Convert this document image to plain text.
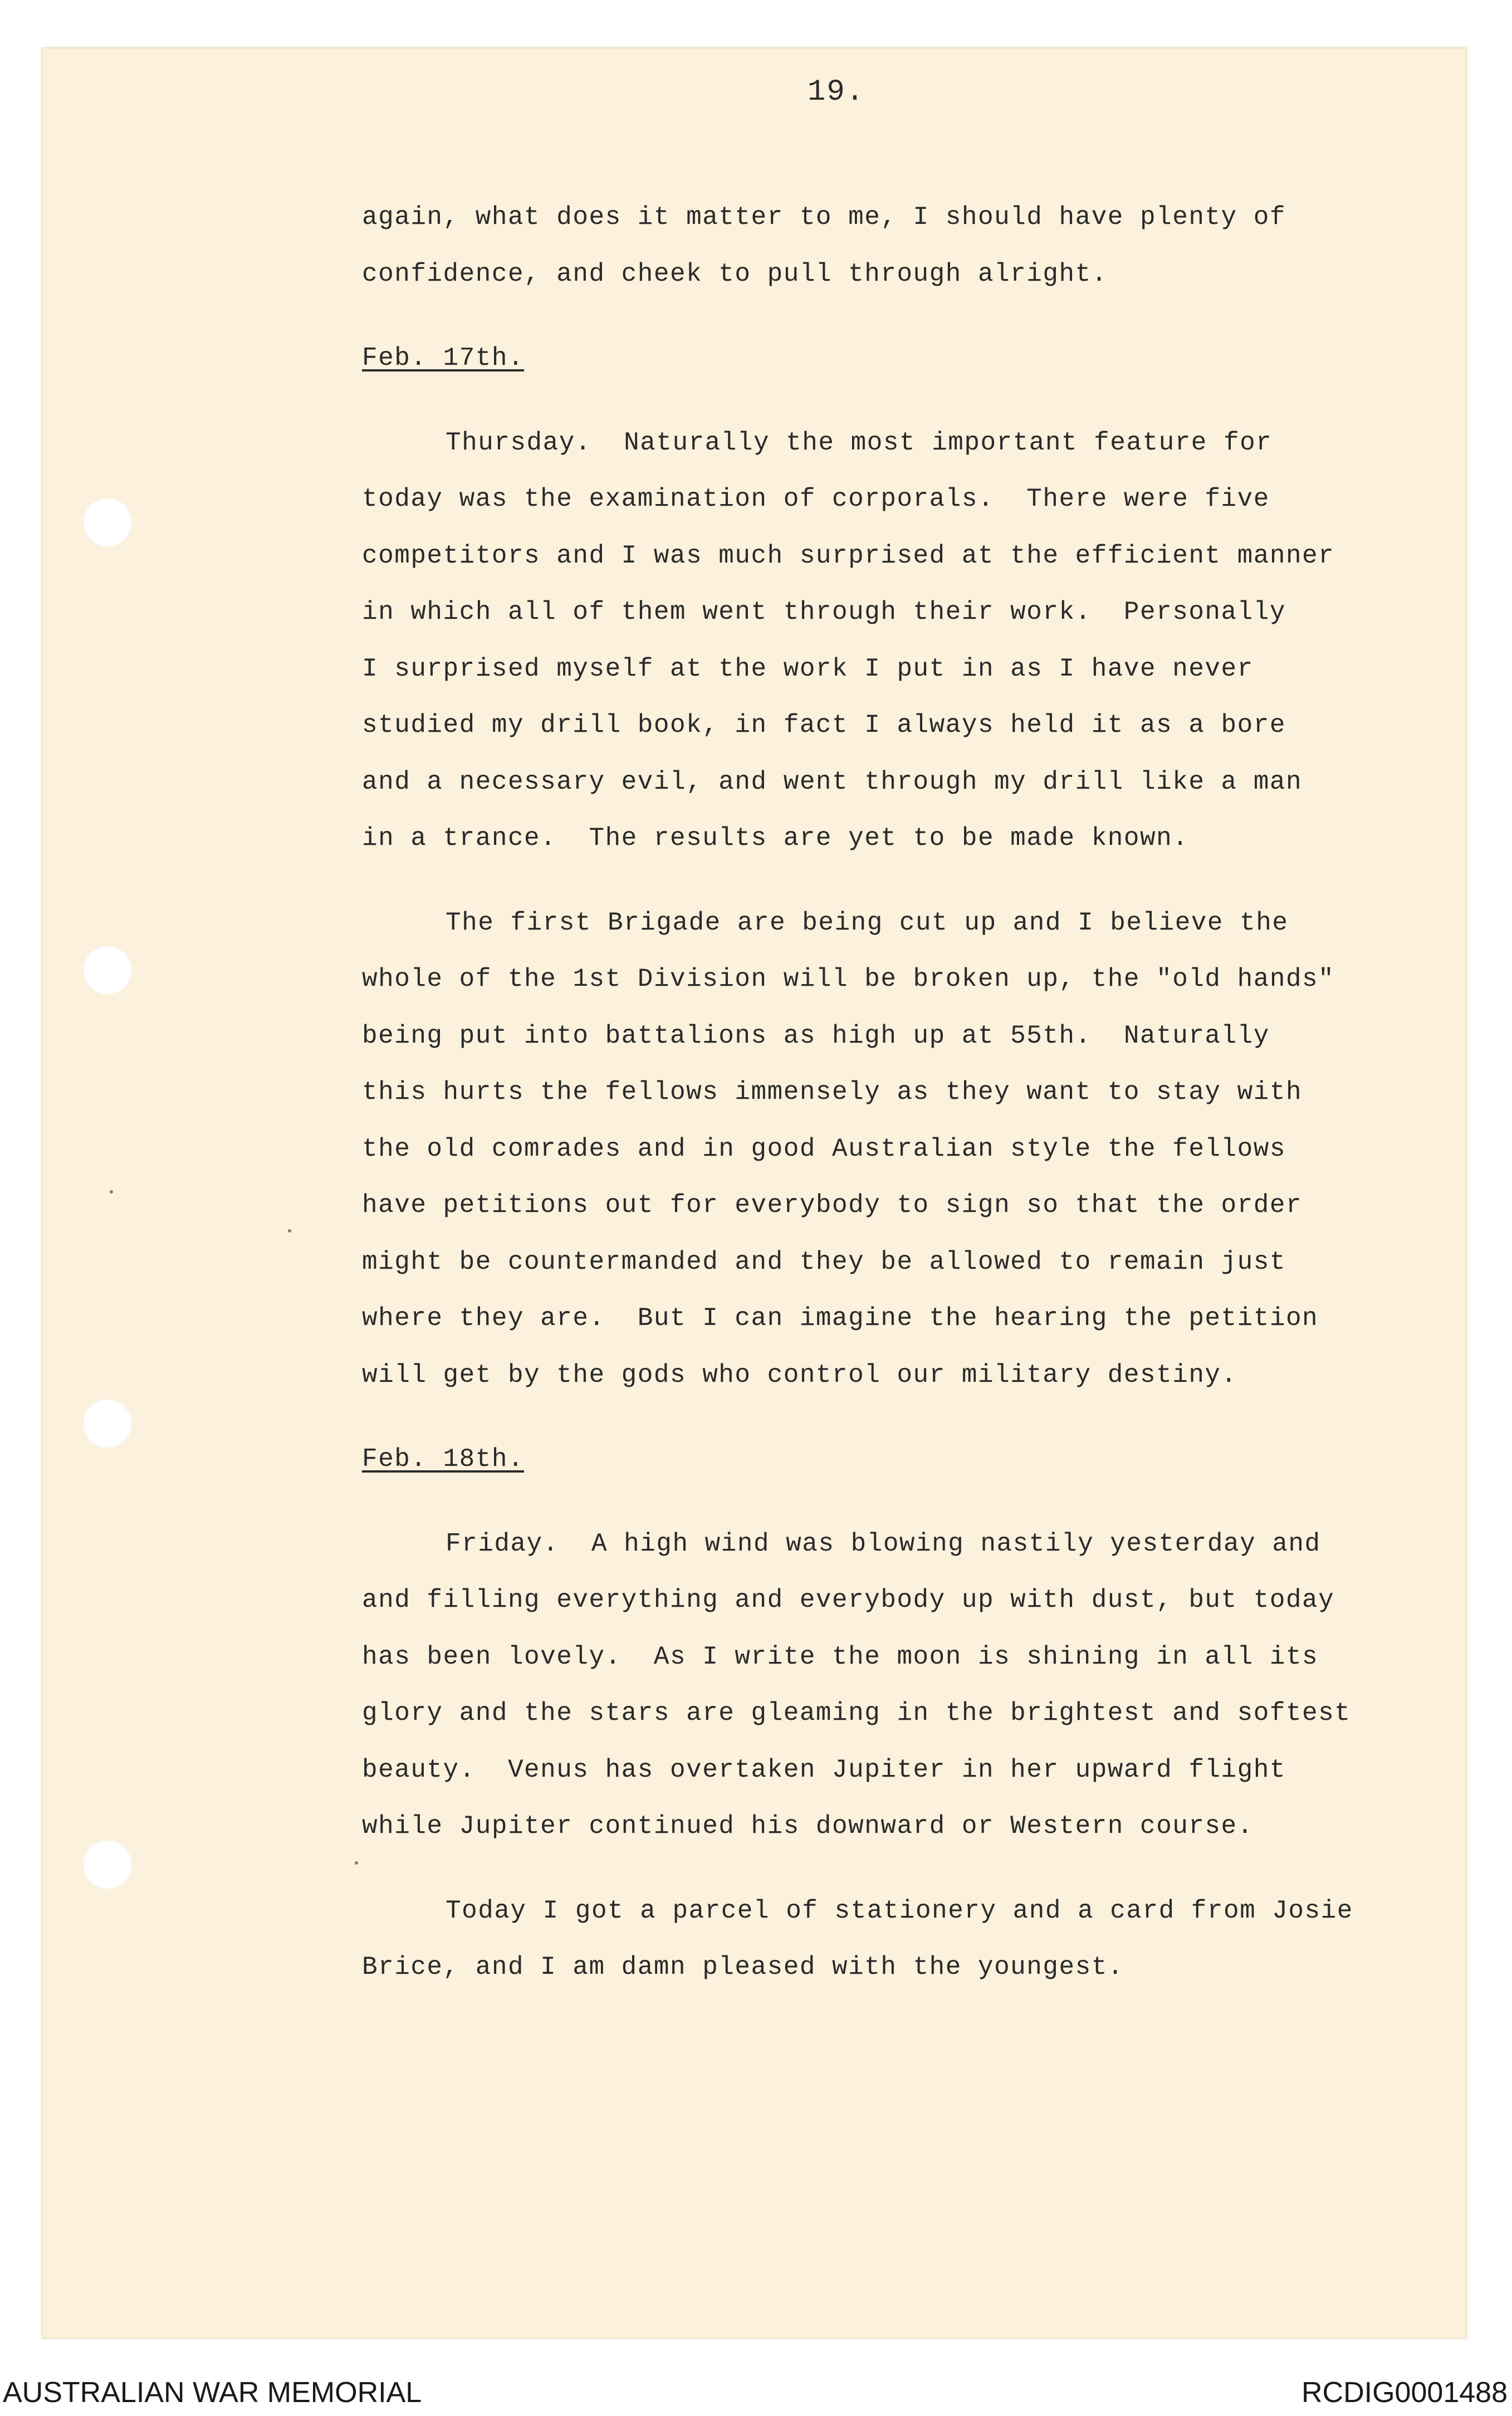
19.
again, what does it matter to me, I should have plenty of
confidence, and cheek to pull through alright.
Feb. 17th.
Thursday.  Naturally the most important feature for
today was the examination of corporals.  There were five
competitors and I was much surprised at the efficient manner
in which all of them went through their work.  Personally
I surprised myself at the work I put in as I have never
studied my drill book, in fact I always held it as a bore
and a necessary evil, and went through my drill like a man
in a trance.  The results are yet to be made known.
The first Brigade are being cut up and I believe the
whole of the 1st Division will be broken up, the "old hands"
being put into battalions as high up at 55th.  Naturally
this hurts the fellows immensely as they want to stay with
the old comrades and in good Australian style the fellows
have petitions out for everybody to sign so that the order
might be countermanded and they be allowed to remain just
where they are.  But I can imagine the hearing the petition
will get by the gods who control our military destiny.
Feb. 18th.
Friday.  A high wind was blowing nastily yesterday and
and filling everything and everybody up with dust, but today
has been lovely.  As I write the moon is shining in all its
glory and the stars are gleaming in the brightest and softest
beauty.  Venus has overtaken Jupiter in her upward flight
while Jupiter continued his downward or Western course.
Today I got a parcel of stationery and a card from Josie
Brice, and I am damn pleased with the youngest.
AUSTRALIAN WAR MEMORIAL	RCDIG0001488
